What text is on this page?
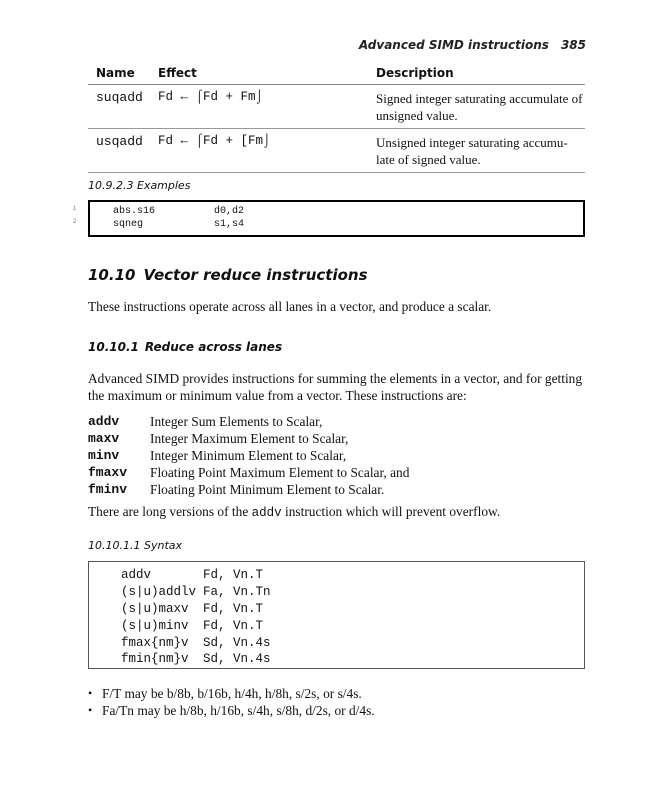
Advanced SIMD instructions 385
Name	Effect	Description
suqadd	Fd ← ⌠Fd + Fm⌡	Signed integer saturating accumulate of unsigned value.
usqadd	Fd ← ⌠Fd + [Fm⌡	Unsigned integer saturating accumu-late of signed value.
10.9.2.3 Examples
1
2
abs.s16	d0,d2
sqneg	s1,s4
10.10 Vector reduce instructions
These instructions operate across all lanes in a vector, and produce a scalar.
10.10.1 Reduce across lanes
Advanced SIMD provides instructions for summing the elements in a vector, and for getting the maximum or minimum value from a vector. These instructions are:
addv	Integer Sum Elements to Scalar,
maxv	Integer Maximum Element to Scalar,
minv	Integer Minimum Element to Scalar,
fmaxv	Floating Point Maximum Element to Scalar, and
fminv	Floating Point Minimum Element to Scalar.
There are long versions of the addv instruction which will prevent overflow.
10.10.1.1 Syntax
addv	Fd, Vn.T
(s|u)addlv Fa, Vn.Tn
(s|u)maxv	Fd, Vn.T
(s|u)minv	Fd, Vn.T
fmax{nm}v	Sd, Vn.4s
fmin{nm}v	Sd, Vn.4s
• F/T may be b/8b, b/16b, h/4h, h/8h, s/2s, or s/4s.
• Fa/Tn may be h/8b, h/16b, s/4h, s/8h, d/2s, or d/4s.
